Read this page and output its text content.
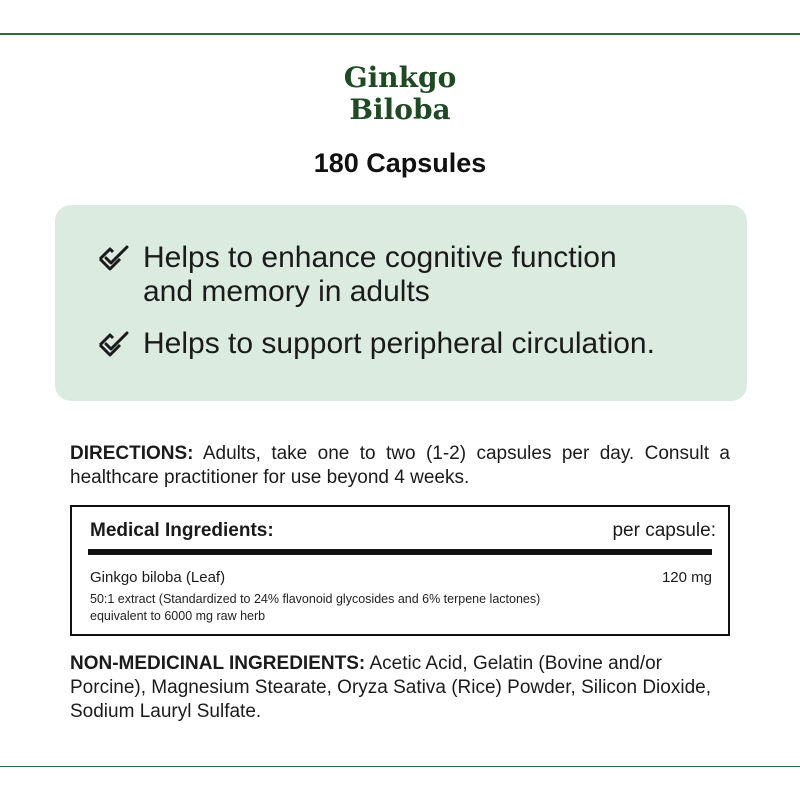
Ginkgo
Biloba
180 Capsules
Helps to enhance cognitive function
and memory in adults
Helps to support peripheral circulation.
DIRECTIONS: Adults, take one to two (1-2) capsules per day. Consult a healthcare practitioner for use beyond 4 weeks.
Medical Ingredients:	per capsule:
Ginkgo biloba (Leaf)	120 mg
50:1 extract (Standardized to 24% flavonoid glycosides and 6% terpene lactones)
equivalent to 6000 mg raw herb
NON-MEDICINAL INGREDIENTS: Acetic Acid, Gelatin (Bovine and/or Porcine), Magnesium Stearate, Oryza Sativa (Rice) Powder, Silicon Dioxide, Sodium Lauryl Sulfate.
